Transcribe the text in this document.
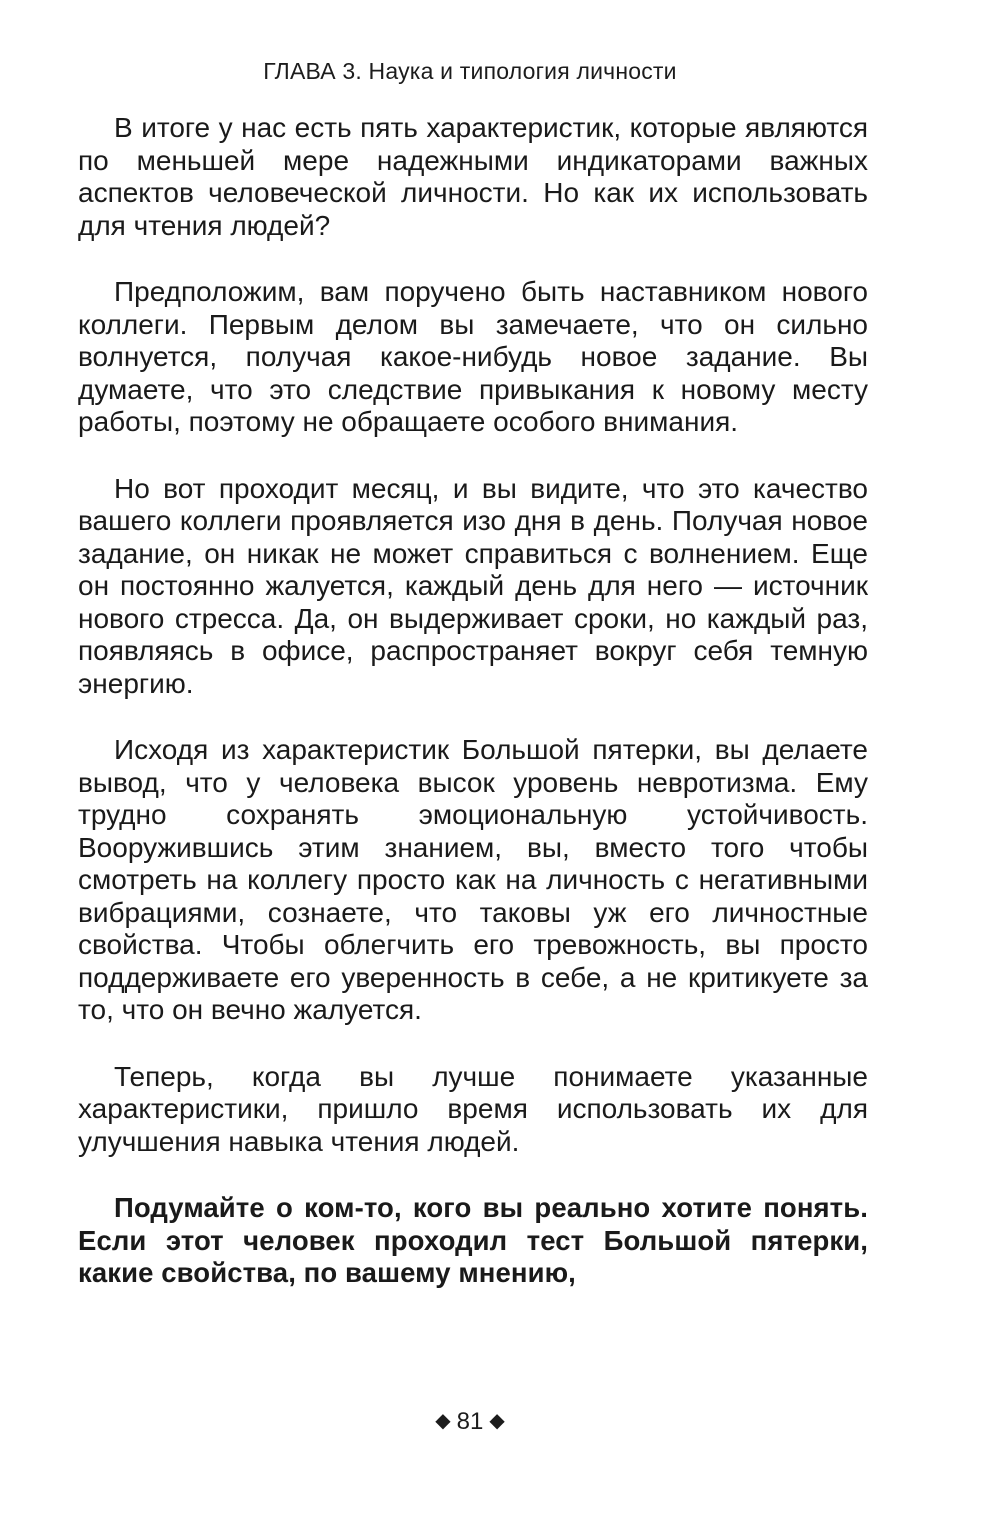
ГЛАВА 3. Наука и типология личности

В итоге у нас есть пять характеристик, которые являются по меньшей мере надежными индикаторами важных аспектов человеческой личности. Но как их использовать для чтения людей?

Предположим, вам поручено быть наставником нового коллеги. Первым делом вы замечаете, что он сильно волнуется, получая какое-нибудь новое задание. Вы думаете, что это следствие привыкания к новому месту работы, поэтому не обращаете особого внимания.

Но вот проходит месяц, и вы видите, что это качество вашего коллеги проявляется изо дня в день. Получая новое задание, он никак не может справиться с волнением. Еще он постоянно жалуется, каждый день для него — источник нового стресса. Да, он выдерживает сроки, но каждый раз, появляясь в офисе, распространяет вокруг себя темную энергию.

Исходя из характеристик Большой пятерки, вы делаете вывод, что у человека высок уровень невротизма. Ему трудно сохранять эмоциональную устойчивость. Вооружившись этим знанием, вы, вместо того чтобы смотреть на коллегу просто как на личность с негативными вибрациями, сознаете, что таковы уж его личностные свойства. Чтобы облегчить его тревожность, вы просто поддерживаете его уверенность в себе, а не критикуете за то, что он вечно жалуется.

Теперь, когда вы лучше понимаете указанные характеристики, пришло время использовать их для улучшения навыка чтения людей.

Подумайте о ком-то, кого вы реально хотите понять. Если этот человек проходил тест Большой пятерки, какие свойства, по вашему мнению,

◆ 81 ◆
